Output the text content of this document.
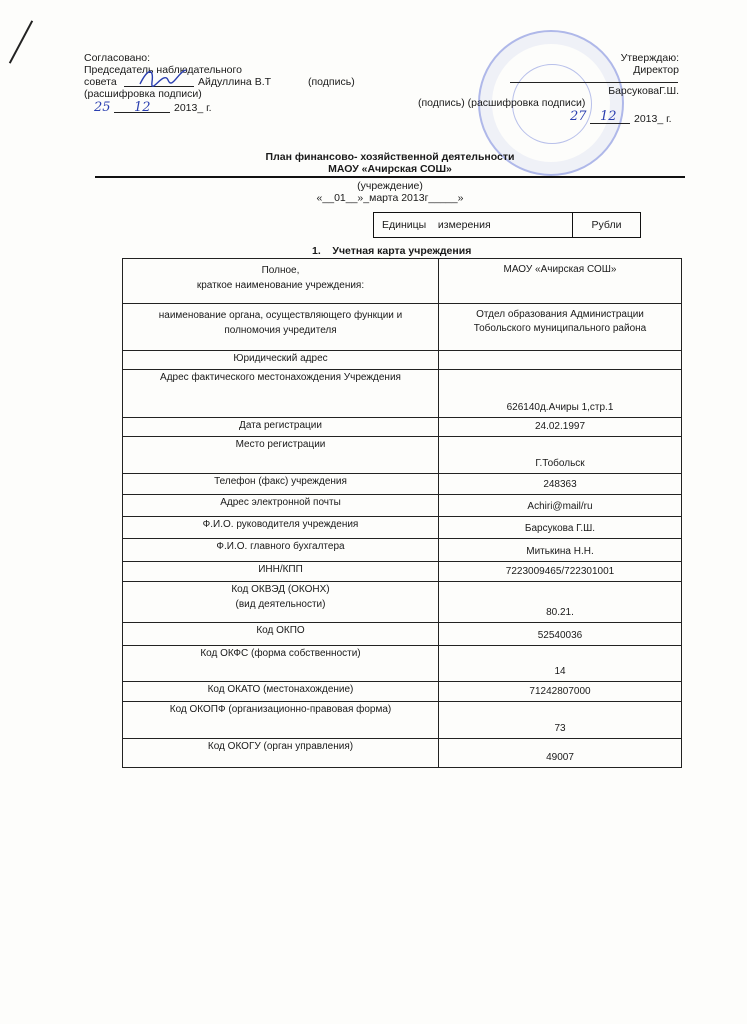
Согласовано:
Председатель наблюдательного
совета	Айдуллина В.Т	(подпись)
(расшифровка подписи)
25 12 2013_ г.
Утверждаю:
Директор
БарсуковаГ.Ш.
(подпись) (расшифровка подписи)
27 12 2013_ г.
План финансово- хозяйственной деятельности
МАОУ «Ачирская СОШ»
(учреждение)
«__01__»_марта 2013г_____»
Единицы    измерения	Рубли
1.    Учетная карта учреждения
Полное,
краткое наименование учреждения:	МАОУ «Ачирская СОШ»
наименование органа, осуществляющего функции и
полномочия учредителя	Отдел образования Администрации
Тобольского муниципального района
Юридический адрес	
Адрес фактического местонахождения Учреждения	626140д.Ачиры 1,стр.1
Дата регистрации	24.02.1997
Место регистрации	Г.Тобольск
Телефон (факс) учреждения	248363
Адрес электронной почты	Achiri@mail/ru
Ф.И.О. руководителя учреждения	Барсукова Г.Ш.
Ф.И.О. главного бухгалтера	Митькина Н.Н.
ИНН/КПП	7223009465/722301001
Код ОКВЭД (ОКОНХ)
(вид деятельности)	80.21.
Код ОКПО	52540036
Код ОКФС (форма собственности)	14
Код ОКАТО (местонахождение)	71242807000
Код ОКОПФ (организационно-правовая форма)	73
Код ОКОГУ (орган управления)	49007
